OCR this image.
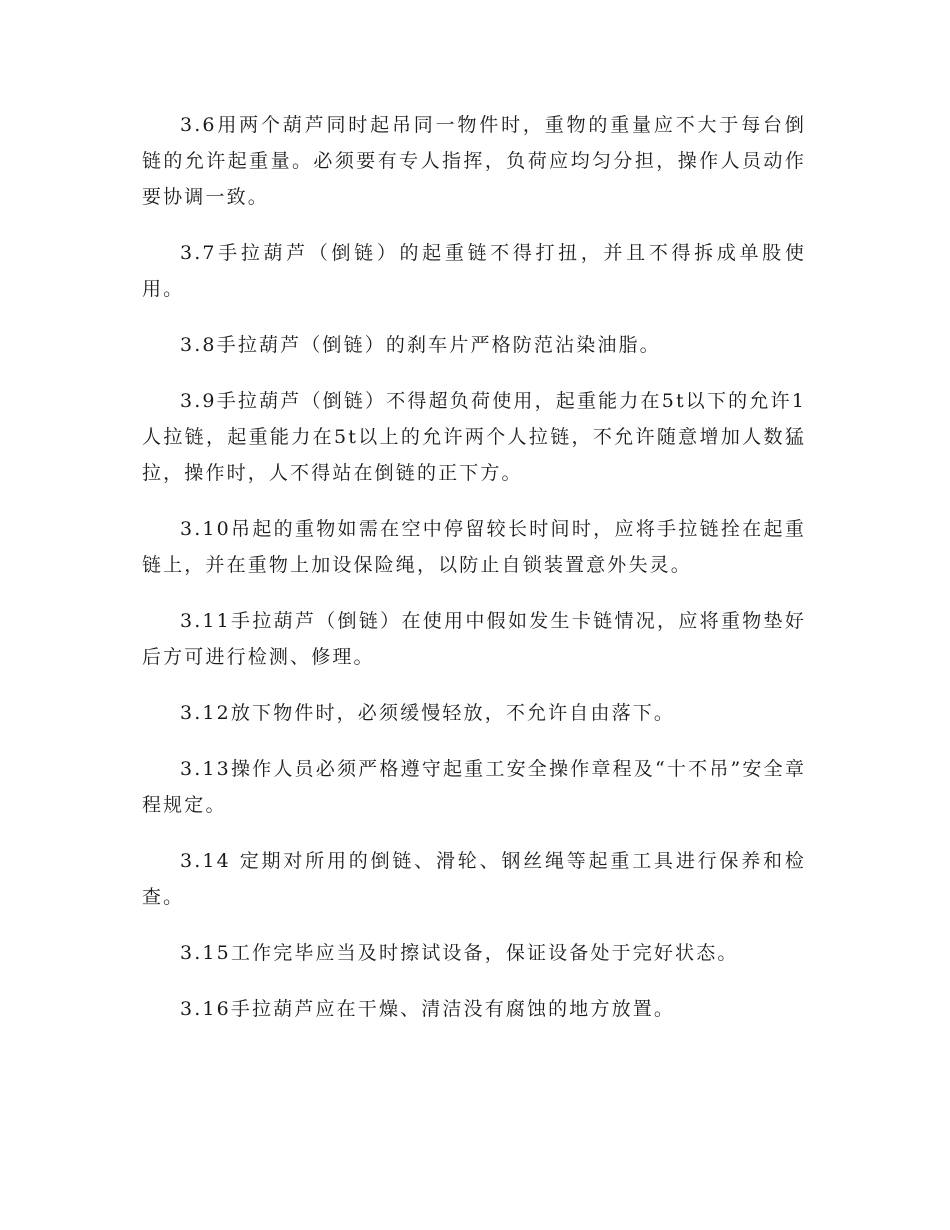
3.6用两个葫芦同时起吊同一物件时，重物的重量应不大于每台倒链的允许起重量。必须要有专人指挥，负荷应均匀分担，操作人员动作要协调一致。

3.7手拉葫芦（倒链）的起重链不得打扭，并且不得拆成单股使用。

3.8手拉葫芦（倒链）的刹车片严格防范沾染油脂。

3.9手拉葫芦（倒链）不得超负荷使用，起重能力在5t以下的允许1人拉链，起重能力在5t以上的允许两个人拉链，不允许随意增加人数猛拉，操作时，人不得站在倒链的正下方。

3.10吊起的重物如需在空中停留较长时间时，应将手拉链拴在起重链上，并在重物上加设保险绳，以防止自锁装置意外失灵。

3.11手拉葫芦（倒链）在使用中假如发生卡链情况，应将重物垫好后方可进行检测、修理。

3.12放下物件时，必须缓慢轻放，不允许自由落下。

3.13操作人员必须严格遵守起重工安全操作章程及“十不吊”安全章程规定。

3.14 定期对所用的倒链、滑轮、钢丝绳等起重工具进行保养和检查。

3.15工作完毕应当及时擦试设备，保证设备处于完好状态。

3.16手拉葫芦应在干燥、清洁没有腐蚀的地方放置。
